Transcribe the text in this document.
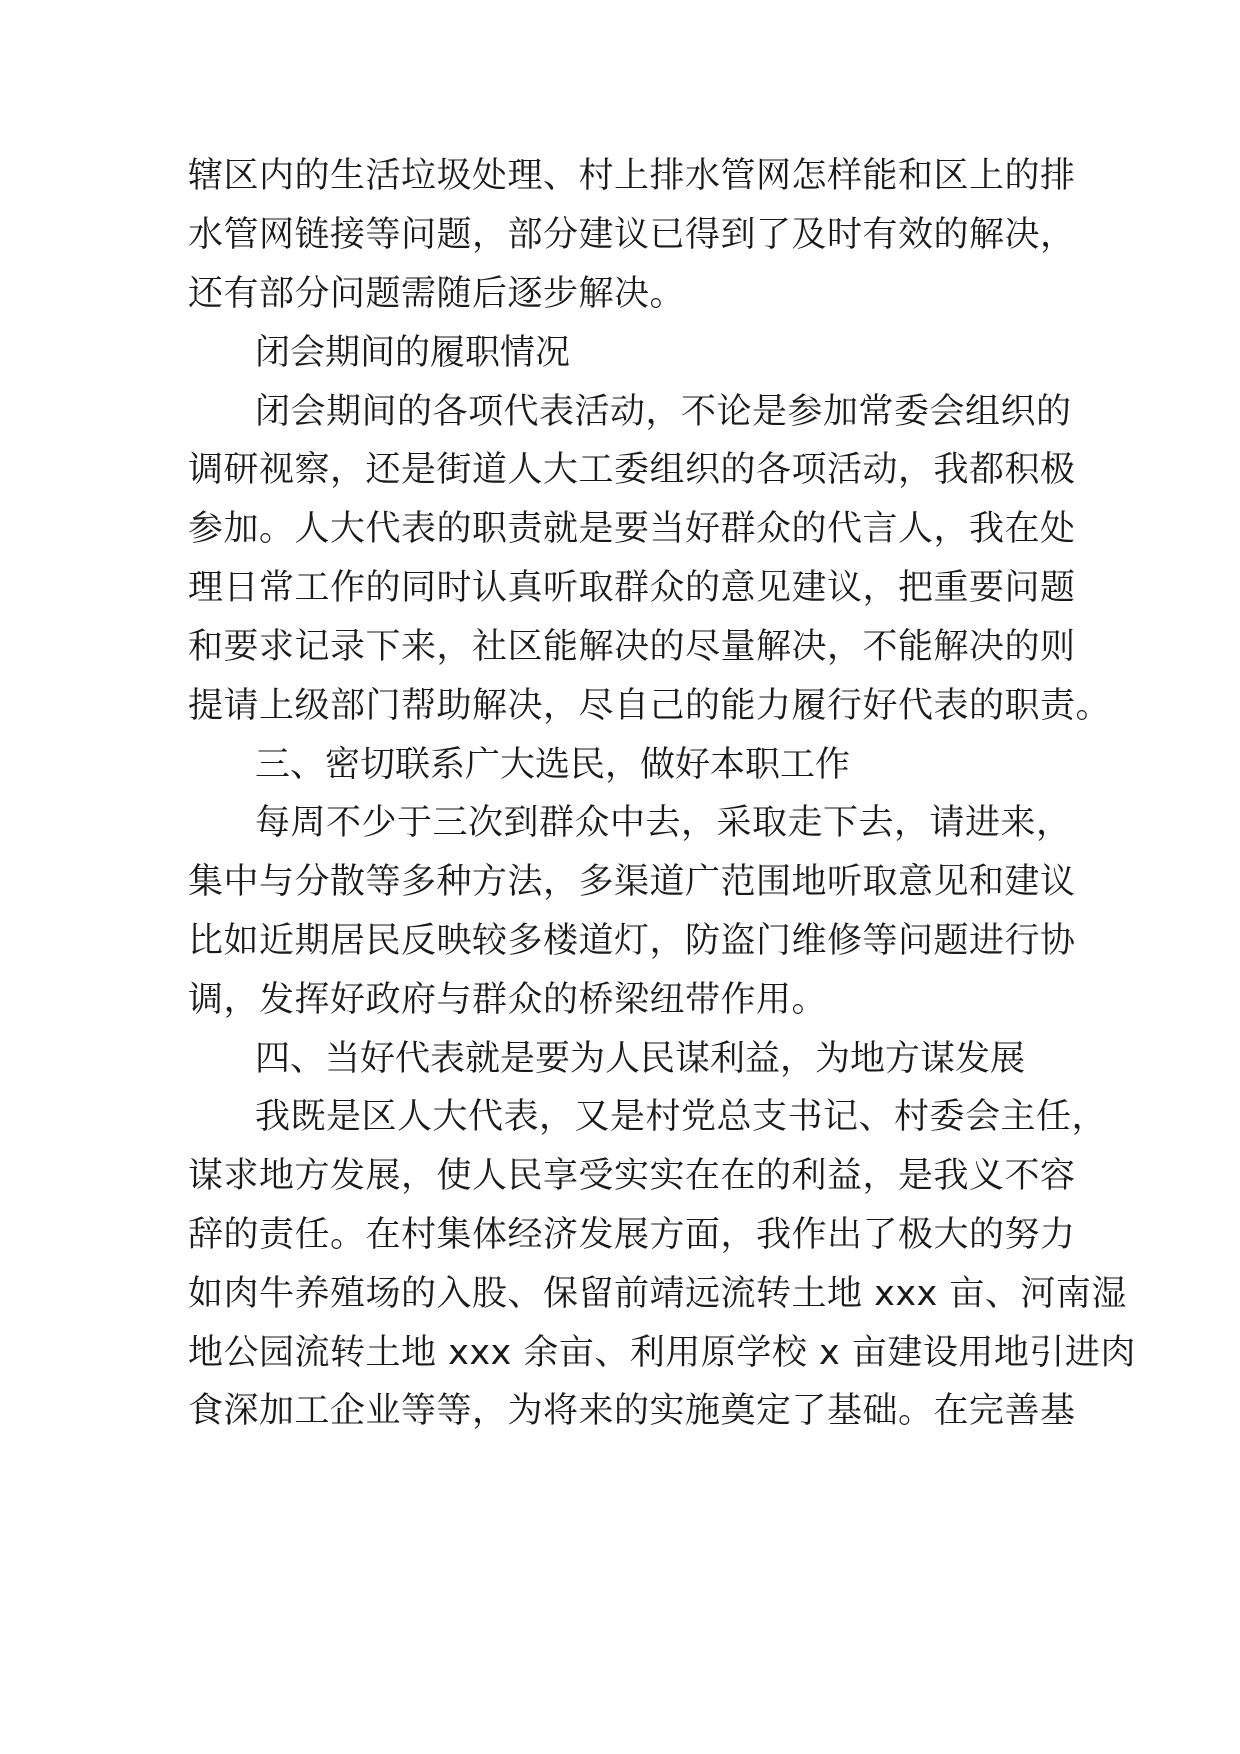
辖区内的生活垃圾处理、村上排水管网怎样能和区上的排
水管网链接等问题，部分建议已得到了及时有效的解决，
还有部分问题需随后逐步解决。
闭会期间的履职情况
闭会期间的各项代表活动，不论是参加常委会组织的
调研视察，还是街道人大工委组织的各项活动，我都积极
参加。人大代表的职责就是要当好群众的代言人，我在处
理日常工作的同时认真听取群众的意见建议，把重要问题
和要求记录下来，社区能解决的尽量解决，不能解决的则
提请上级部门帮助解决，尽自己的能力履行好代表的职责。
三、密切联系广大选民，做好本职工作
每周不少于三次到群众中去，采取走下去，请进来，
集中与分散等多种方法，多渠道广范围地听取意见和建议
比如近期居民反映较多楼道灯，防盗门维修等问题进行协
调，发挥好政府与群众的桥梁纽带作用。
四、当好代表就是要为人民谋利益，为地方谋发展
我既是区人大代表，又是村党总支书记、村委会主任，
谋求地方发展，使人民享受实实在在的利益，是我义不容
辞的责任。在村集体经济发展方面，我作出了极大的努力
如肉牛养殖场的入股、保留前靖远流转土地 xxx 亩、河南湿
地公园流转土地 xxx 余亩、利用原学校 x 亩建设用地引进肉
食深加工企业等等，为将来的实施奠定了基础。在完善基
